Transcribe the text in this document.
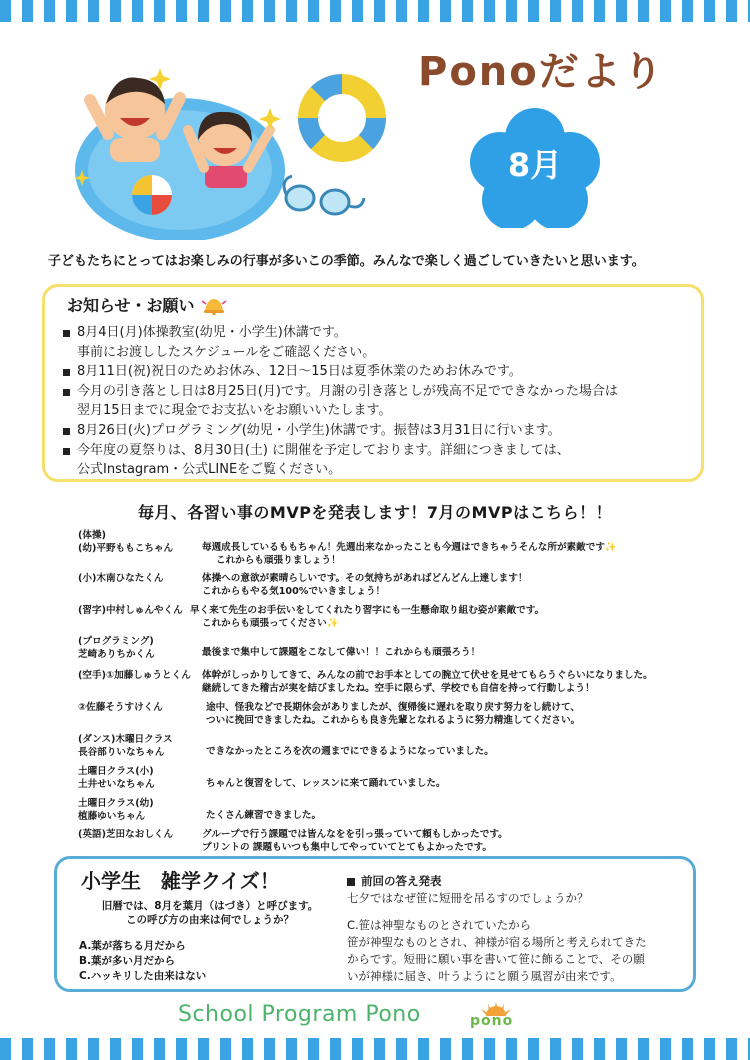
Ponoだより
8月
子どもたちにとってはお楽しみの行事が多いこの季節。みんなで楽しく過ごしていきたいと思います。
お知らせ・お願い
8月4日(月)体操教室(幼児・小学生)休講です。
事前にお渡ししたスケジュールをご確認ください。
8月11日(祝)祝日のためお休み、12日〜15日は夏季休業のためお休みです。
今月の引き落とし日は8月25日(月)です。月謝の引き落としが残高不足でできなかった場合は
翌月15日までに現金でお支払いをお願いいたします。
8月26日(火)プログラミング(幼児・小学生)休講です。振替は3月31日に行います。
今年度の夏祭りは、8月30日(土) に開催を予定しております。詳細につきましては、
公式Instagram・公式LINEをご覧ください。
毎月、各習い事のMVPを発表します！7月のMVPはこちら！！
(体操)
(幼)平野ももこちゃん	毎週成長しているももちゃん！先週出来なかったことも今週はできちゃうそんな所が素敵です✨
これからも頑張りましょう！
(小)木南ひなたくん	体操への意欲が素晴らしいです。その気持ちがあればどんどん上達します！
これからもやる気100%でいきましょう！
(習字)中村しゅんやくん 早く来て先生のお手伝いをしてくれたり習字にも一生懸命取り組む姿が素敵です。
これからも頑張ってください✨
(プログラミング)
芝崎ありちかくん	最後まで集中して課題をこなして偉い！！これからも頑張ろう！
(空手)①加藤しゅうとくん 体幹がしっかりしてきて、みんなの前でお手本としての腕立て伏せを見せてもらうぐらいになりました。
継続してきた稽古が実を結びましたね。空手に限らず、学校でも自信を持って行動しよう！
②佐藤そうすけくん	途中、怪我などで長期休会がありましたが、復帰後に遅れを取り戻す努力をし続けて、
ついに挽回できましたね。これからも良き先輩となれるように努力精進してください。
(ダンス)木曜日クラス
長谷部りいなちゃん	できなかったところを次の週までにできるようになっていました。
土曜日クラス(小)
土井せいなちゃん	ちゃんと復習をして、レッスンに来て踊れていました。
土曜日クラス(幼)
植藤ゆいちゃん	たくさん練習できました。
(英語)芝田なおしくん	グループで行う課題では皆んなをを引っ張っていて頼もしかったです。
プリントの 課題もいつも集中してやっていてとてもよかったです。
小学生　雑学クイズ！
旧暦では、8月を葉月（はづき）と呼びます。
この呼び方の由来は何でしょうか？
A.葉が落ちる月だから
B.葉が多い月だから
C.ハッキリした由来はない
前回の答え発表
七夕ではなぜ笹に短冊を吊るすのでしょうか？
C.笹は神聖なものとされていたから
笹が神聖なものとされ、神様が宿る場所と考えられてきた
からです。短冊に願い事を書いて笹に飾ることで、その願
いが神様に届き、叶うようにと願う風習が由来です。
School Program Pono	pono
